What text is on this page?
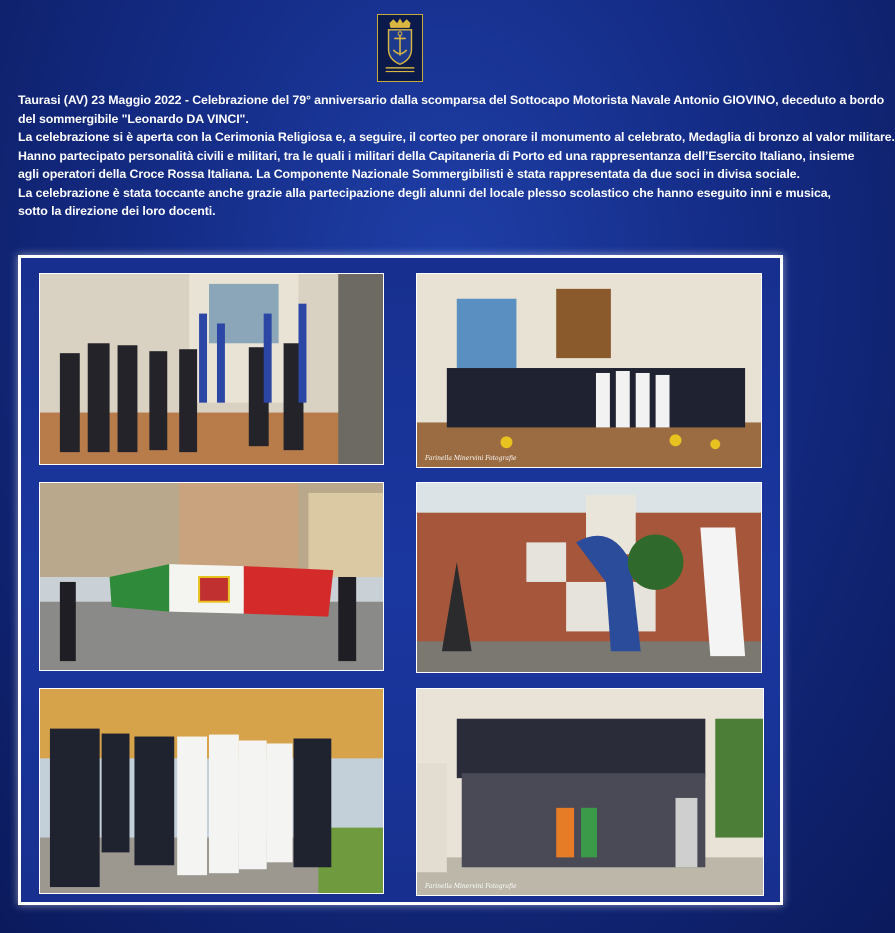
Taurasi (AV) 23 Maggio 2022 - Celebrazione del 79° anniversario dalla scomparsa del Sottocapo Motorista Navale Antonio GIOVINO, deceduto a bordo

del sommergibile "Leonardo DA VINCI".

La celebrazione si è aperta con la Cerimonia Religiosa e, a seguire, il corteo per onorare il monumento al celebrato, Medaglia di bronzo al valor militare.

Hanno partecipato personalità civili e militari, tra le quali i militari della Capitaneria di Porto ed una rappresentanza dell’Esercito Italiano, insieme

agli operatori della Croce Rossa Italiana. La Componente Nazionale Sommergibilisti è stata rappresentata da due soci in divisa sociale.

La celebrazione è stata toccante anche grazie alla partecipazione degli alunni del locale plesso scolastico che hanno eseguito inni e musica,

sotto la direzione dei loro docenti.

Farinella Minervini Fotografie
Farinella Minervini Fotografie
